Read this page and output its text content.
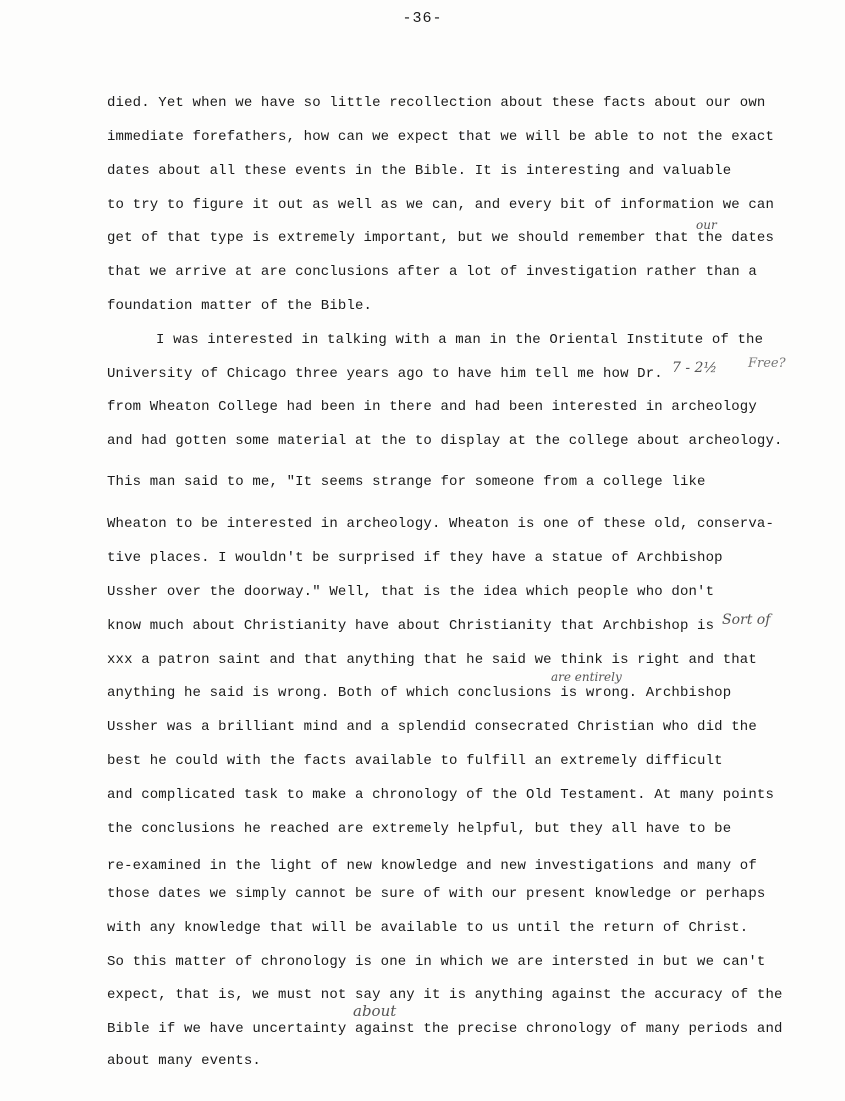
-36-
died. Yet when we have so little recollection about these facts about our own
immediate forefathers, how can we expect that we will be able to not the exact
dates about all these events in the Bible. It is interesting and valuable
to try to figure it out as well as we can, and every bit of information we can
get of that type is extremely important, but we should remember that the dates
that we arrive at are conclusions after a lot of investigation rather than a
foundation matter of the Bible.
I was interested in talking with a man in the Oriental Institute of the
University of Chicago three years ago to have him tell me how Dr.
from Wheaton College had been in there and had been interested in archeology
and had gotten some material at the to display at the college about archeology.
This man said to me, "It seems strange for someone from a college like
Wheaton to be interested in archeology. Wheaton is one of these old, conserva-
tive places. I wouldn't be surprised if they have a statue of Archbishop
Ussher over the doorway." Well, that is the idea which people who don't
know much about Christianity have about Christianity that Archbishop is
xxx a patron saint and that anything that he said we think is right and that
anything he said is wrong. Both of which conclusions is wrong. Archbishop
Ussher was a brilliant mind and a splendid consecrated Christian who did the
best he could with the facts available to fulfill an extremely difficult
and complicated task to make a chronology of the Old Testament. At many points
the conclusions he reached are extremely helpful, but they all have to be
re-examined in the light of new knowledge and new investigations and many of
those dates we simply cannot be sure of with our present knowledge or perhaps
with any knowledge that will be available to us until the return of Christ.
So this matter of chronology is one in which we are intersted in but we can't
expect, that is, we must not say any it is anything against the accuracy of the
Bible if we have uncertainty against the precise chronology of many periods and
about many events.
our
7 - 2½ Free?
Sort of
are entirely
about
